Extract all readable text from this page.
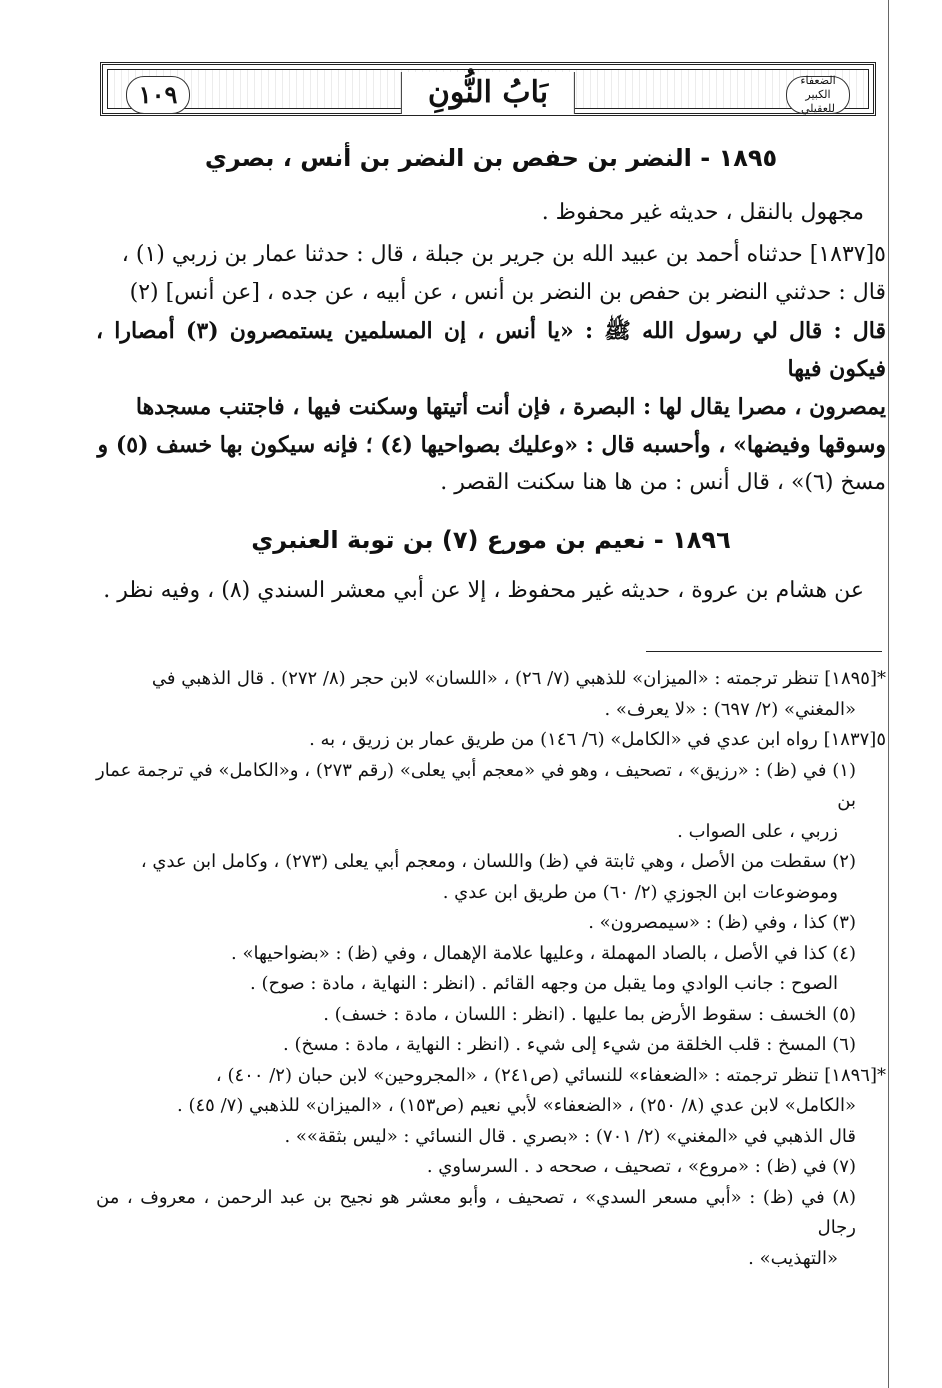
الضعفاء الكبير للعقيلي
بَابُ النُّونِ
١٠٩
١٨٩٥ - النضر بن حفص بن النضر بن أنس ، بصري

مجهول بالنقل ، حديثه غير محفوظ .

٥[١٨٣٧] حدثناه أحمد بن عبيد الله بن جرير بن جبلة ، قال : حدثنا عمار بن زربي (١) ،

قال : حدثني النضر بن حفص بن النضر بن أنس ، عن أبيه ، عن جده ، [عن أنس] (٢)

قال : قال لي رسول الله ﷺ : «يا أنس ، إن المسلمين يستمصرون (٣) أمصارا ، فيكون فيها

يمصرون ، مصرا يقال لها : البصرة ، فإن أنت أتيتها وسكنت فيها ، فاجتنب مسجدها

وسوقها وفيضها» ، وأحسبه قال : «وعليك بصواحيها (٤) ؛ فإنه سيكون بها خسف (٥) و

مسخ (٦)» ، قال أنس : من ها هنا سكنت القصر .

١٨٩٦ - نعيم بن مورع (٧) بن توبة العنبري

عن هشام بن عروة ، حديثه غير محفوظ ، إلا عن أبي معشر السندي (٨) ، وفيه نظر .

*[١٨٩٥] تنظر ترجمته : «الميزان» للذهبي (٧/ ٢٦) ، «اللسان» لابن حجر (٨/ ٢٧٢) . قال الذهبي في

«المغني» (٢/ ٦٩٧) : «لا يعرف» .

٥[١٨٣٧] رواه ابن عدي في «الكامل» (٦/ ١٤٦) من طريق عمار بن زريق ، به .

(١) في (ظ) : «رزيق» ، تصحيف ، وهو في «معجم أبي يعلى» (رقم ٢٧٣) ، و«الكامل» في ترجمة عمار بن

زربي ، على الصواب .

(٢) سقطت من الأصل ، وهي ثابتة في (ظ) واللسان ، ومعجم أبي يعلى (٢٧٣) ، وكامل ابن عدي ،

وموضوعات ابن الجوزي (٢/ ٦٠) من طريق ابن عدي .

(٣) كذا ، وفي (ظ) : «سيمصرون» .

(٤) كذا في الأصل ، بالصاد المهملة ، وعليها علامة الإهمال ، وفي (ظ) : «بضواحيها» .

الصوح : جانب الوادي وما يقبل من وجهه القائم . (انظر : النهاية ، مادة : صوح) .

(٥) الخسف : سقوط الأرض بما عليها . (انظر : اللسان ، مادة : خسف) .

(٦) المسخ : قلب الخلقة من شيء إلى شيء . (انظر : النهاية ، مادة : مسخ) .

*[١٨٩٦] تنظر ترجمته : «الضعفاء» للنسائي (ص٢٤١) ، «المجروحين» لابن حبان (٢/ ٤٠٠) ،

«الكامل» لابن عدي (٨/ ٢٥٠) ، «الضعفاء» لأبي نعيم (ص١٥٣) ، «الميزان» للذهبي (٧/ ٤٥) .

قال الذهبي في «المغني» (٢/ ٧٠١) : «بصري . قال النسائي : «ليس بثقة»» .

(٧) في (ظ) : «مروع» ، تصحيف ، صححه د . السرساوي .

(٨) في (ظ) : «أبي مسعر السدي» ، تصحيف ، وأبو معشر هو نجيح بن عبد الرحمن ، معروف ، من رجال

«التهذيب» .
